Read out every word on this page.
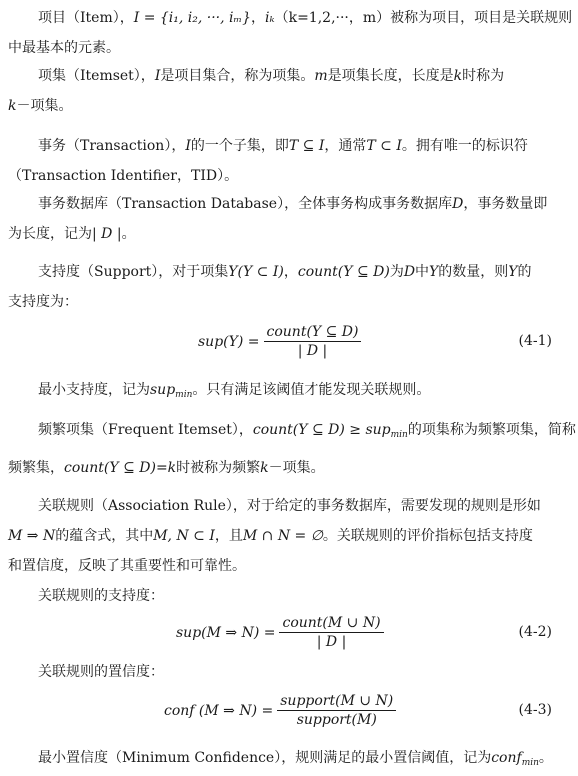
项目（Item），I = {i₁, i₂, ···, iₘ}，iₖ（k=1,2,···，m）被称为项目，项目是关联规则
中最基本的元素。
项集（Itemset），I是项目集合，称为项集。m是项集长度，长度是k时称为
k－项集。
事务（Transaction），I的一个子集，即T ⊆ I，通常T ⊂ I。拥有唯一的标识符
（Transaction Identifier，TID）。
事务数据库（Transaction Database），全体事务构成事务数据库D，事务数量即
为长度，记为| D |。
支持度（Support），对于项集Y(Y ⊂ I)，count(Y ⊆ D)为D中Y的数量，则Y的
支持度为：
$sup(Y) = \frac{\text{count(Y ⊆ D)}}{| D |}$	(4-1)
最小支持度，记为sup$_{min}$。只有满足该阈值才能发现关联规则。
频繁项集（Frequent Itemset），count(Y ⊆ D) ≥ sup$_{min}$的项集称为频繁项集，简称
频繁集，count(Y ⊆ D)=k时被称为频繁k－项集。
关联规则（Association Rule），对于给定的事务数据库，需要发现的规则是形如
M ⇒ N的蕴含式，其中M, N ⊂ I，且M ∩ N = ∅。关联规则的评价指标包括支持度
和置信度，反映了其重要性和可靠性。
关联规则的支持度：
sup(M ⇒ $N) = \frac{\text{count(M ∪ N)}}{| D |}$	(4-2)
关联规则的置信度：
conf (M ⇒ $N) = \frac{\text{support(M ∪ N)}}{\text{support(M)}}$	(4-3)
最小置信度（Minimum Confidence），规则满足的最小置信阈值，记为conf$_{min}$。
